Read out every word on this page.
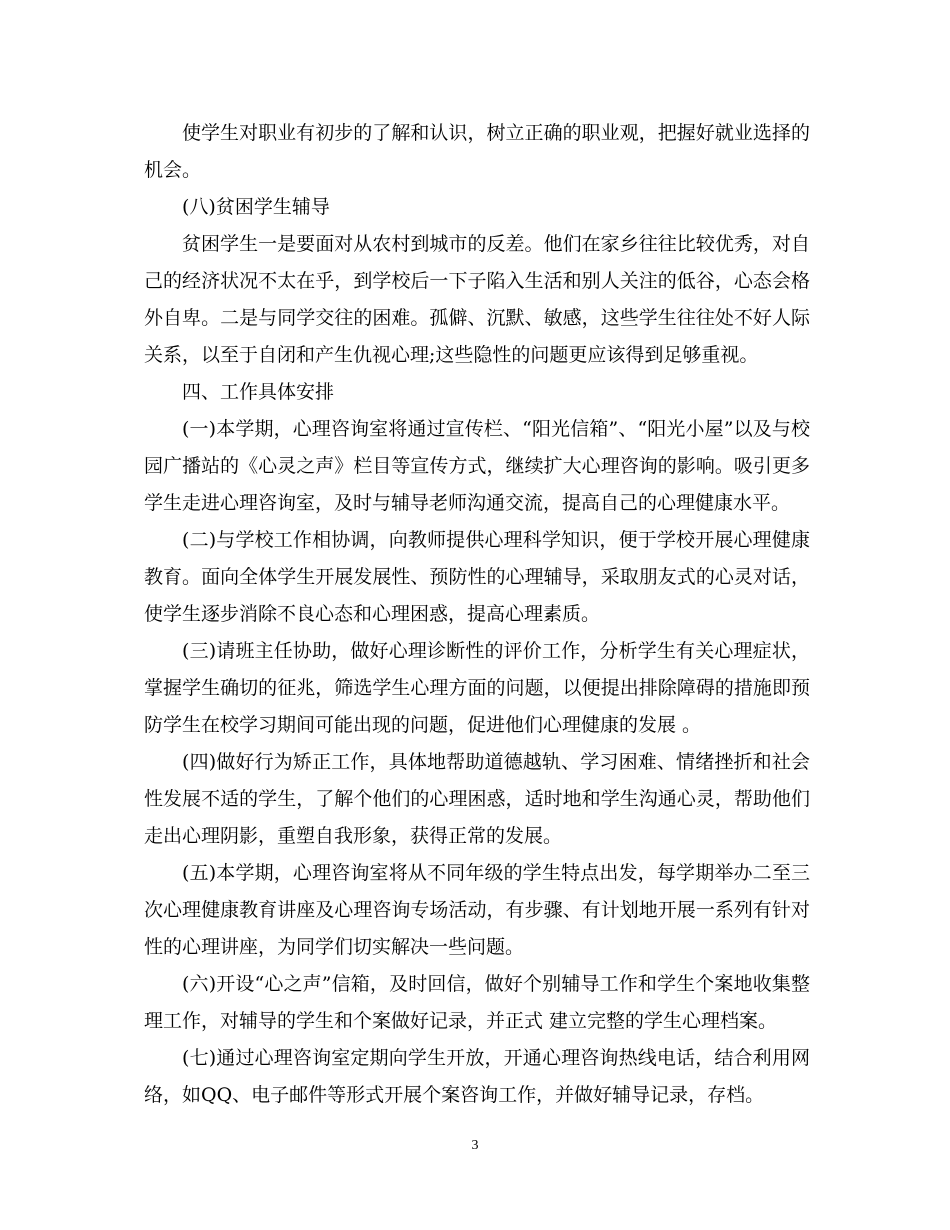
使学生对职业有初步的了解和认识，树立正确的职业观，把握好就业选择的机会。

(八)贫困学生辅导

贫困学生一是要面对从农村到城市的反差。他们在家乡往往比较优秀，对自己的经济状况不太在乎，到学校后一下子陷入生活和别人关注的低谷，心态会格外自卑。二是与同学交往的困难。孤僻、沉默、敏感，这些学生往往处不好人际关系，以至于自闭和产生仇视心理;这些隐性的问题更应该得到足够重视。

四、工作具体安排

(一)本学期，心理咨询室将通过宣传栏、“阳光信箱”、“阳光小屋”以及与校园广播站的《心灵之声》栏目等宣传方式，继续扩大心理咨询的影响。吸引更多学生走进心理咨询室，及时与辅导老师沟通交流，提高自己的心理健康水平。

(二)与学校工作相协调，向教师提供心理科学知识，便于学校开展心理健康教育。面向全体学生开展发展性、预防性的心理辅导，采取朋友式的心灵对话，使学生逐步消除不良心态和心理困惑，提高心理素质。

(三)请班主任协助，做好心理诊断性的评价工作，分析学生有关心理症状，掌握学生确切的征兆，筛选学生心理方面的问题，以便提出排除障碍的措施即预防学生在校学习期间可能出现的问题，促进他们心理健康的发展 。

(四)做好行为矫正工作，具体地帮助道德越轨、学习困难、情绪挫折和社会性发展不适的学生，了解个他们的心理困惑，适时地和学生沟通心灵，帮助他们走出心理阴影，重塑自我形象，获得正常的发展。

(五)本学期，心理咨询室将从不同年级的学生特点出发，每学期举办二至三次心理健康教育讲座及心理咨询专场活动，有步骤、有计划地开展一系列有针对性的心理讲座，为同学们切实解决一些问题。

(六)开设“心之声”信箱，及时回信，做好个别辅导工作和学生个案地收集整理工作，对辅导的学生和个案做好记录，并正式 建立完整的学生心理档案。

(七)通过心理咨询室定期向学生开放，开通心理咨询热线电话，结合利用网络，如QQ、电子邮件等形式开展个案咨询工作，并做好辅导记录，存档。

3
